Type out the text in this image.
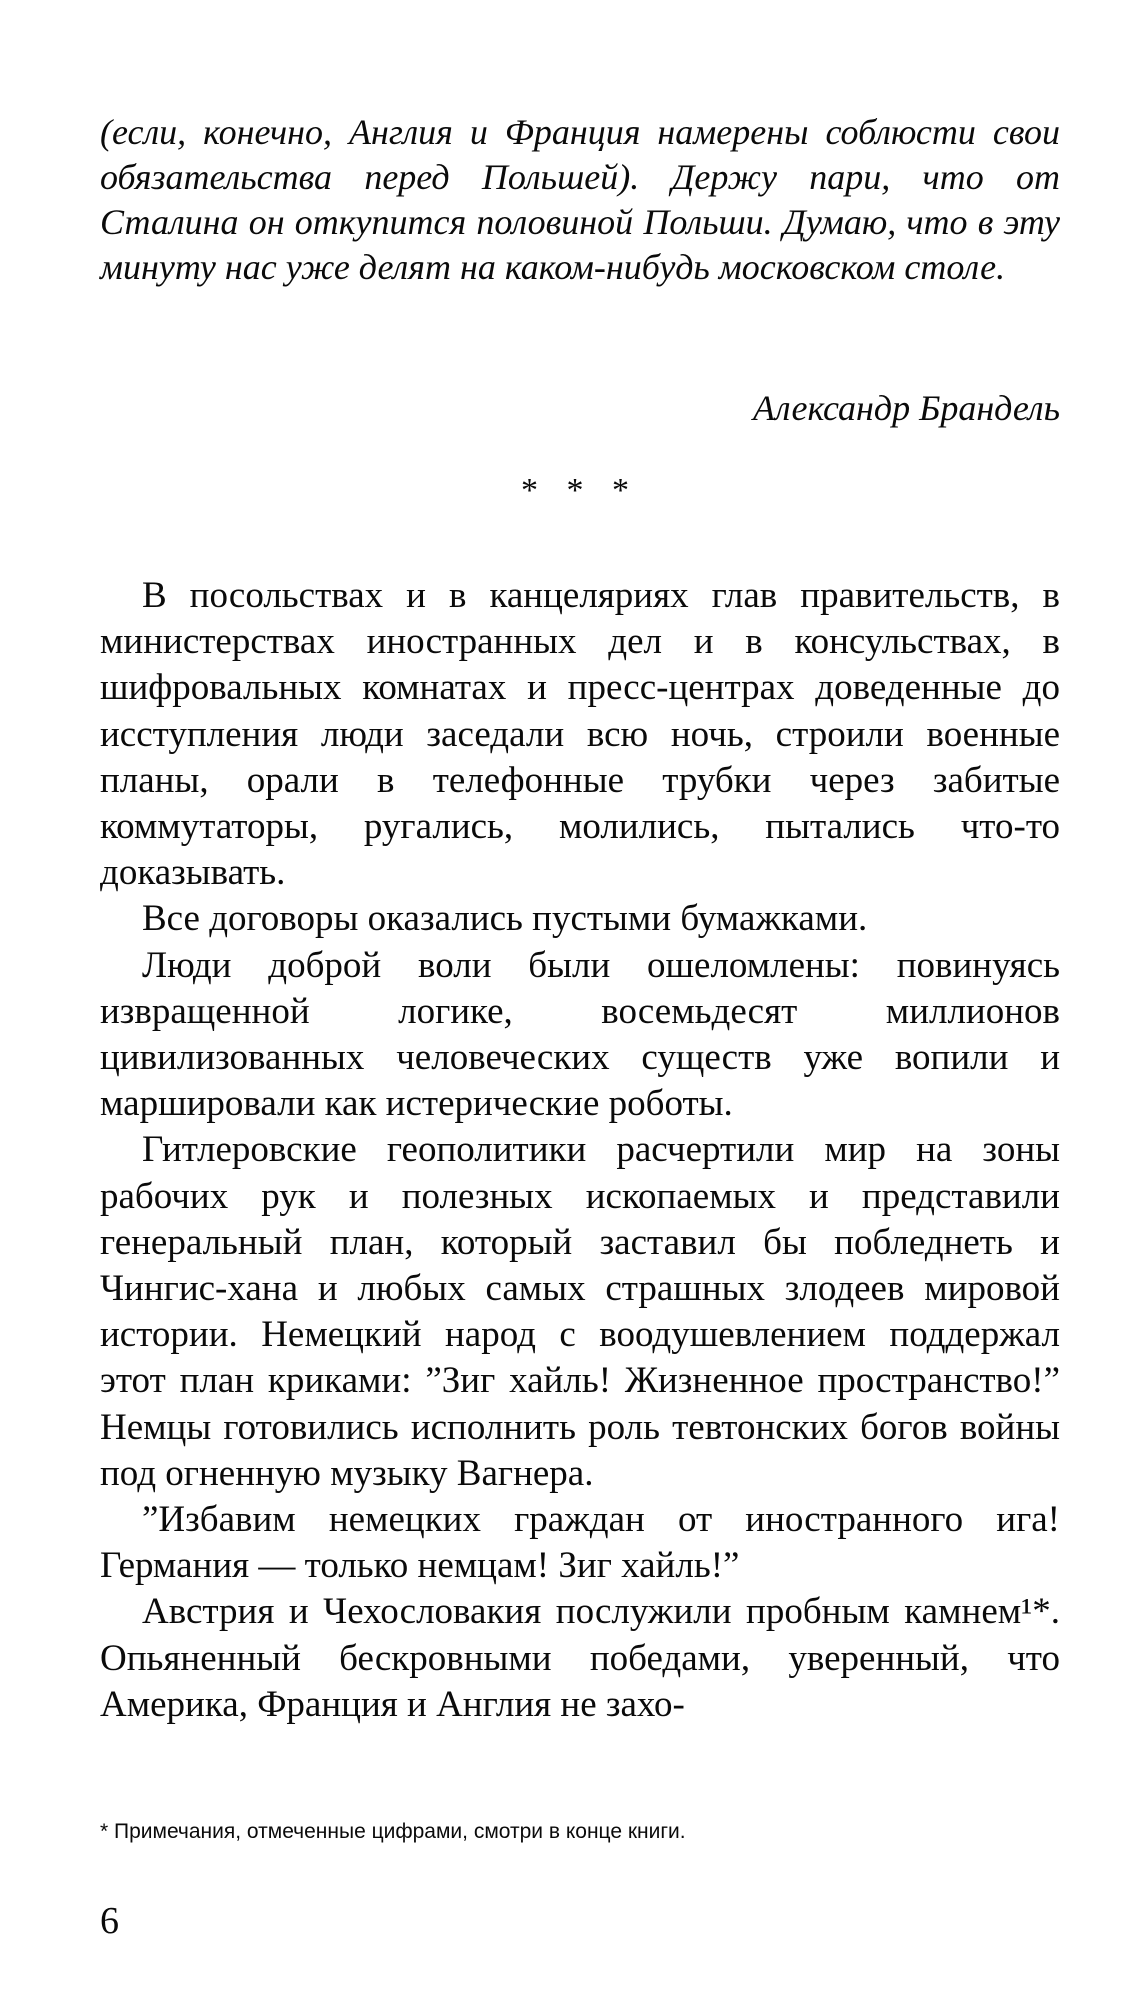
(если, конечно, Англия и Франция намерены соблюсти свои обязательства перед Польшей). Держу пари, что от Сталина он откупится половиной Польши. Думаю, что в эту минуту нас уже делят на каком-нибудь московском столе.

Александр Брандель
* * *

В посольствах и в канцеляриях глав правительств, в министерствах иностранных дел и в консульствах, в шифровальных комнатах и пресс-центрах доведенные до исступления люди заседали всю ночь, строили военные планы, орали в телефонные трубки через забитые коммутаторы, ругались, молились, пытались что-то доказывать.

Все договоры оказались пустыми бумажками.

Люди доброй воли были ошеломлены: повинуясь извращенной логике, восемьдесят миллионов цивилизованных человеческих существ уже вопили и маршировали как истерические роботы.

Гитлеровские геополитики расчертили мир на зоны рабочих рук и полезных ископаемых и представили генеральный план, который заставил бы побледнеть и Чингис-хана и любых самых страшных злодеев мировой истории. Немецкий народ с воодушевлением поддержал этот план криками: ”Зиг хайль! Жизненное пространство!” Немцы готовились исполнить роль тевтонских богов войны под огненную музыку Вагнера.

”Избавим немецких граждан от иностранного ига! Германия — только немцам! Зиг хайль!”

Австрия и Чехословакия послужили пробным камнем¹*. Опьяненный бескровными победами, уверенный, что Америка, Франция и Англия не захо-

* Примечания, отмеченные цифрами, смотри в конце книги.
6
